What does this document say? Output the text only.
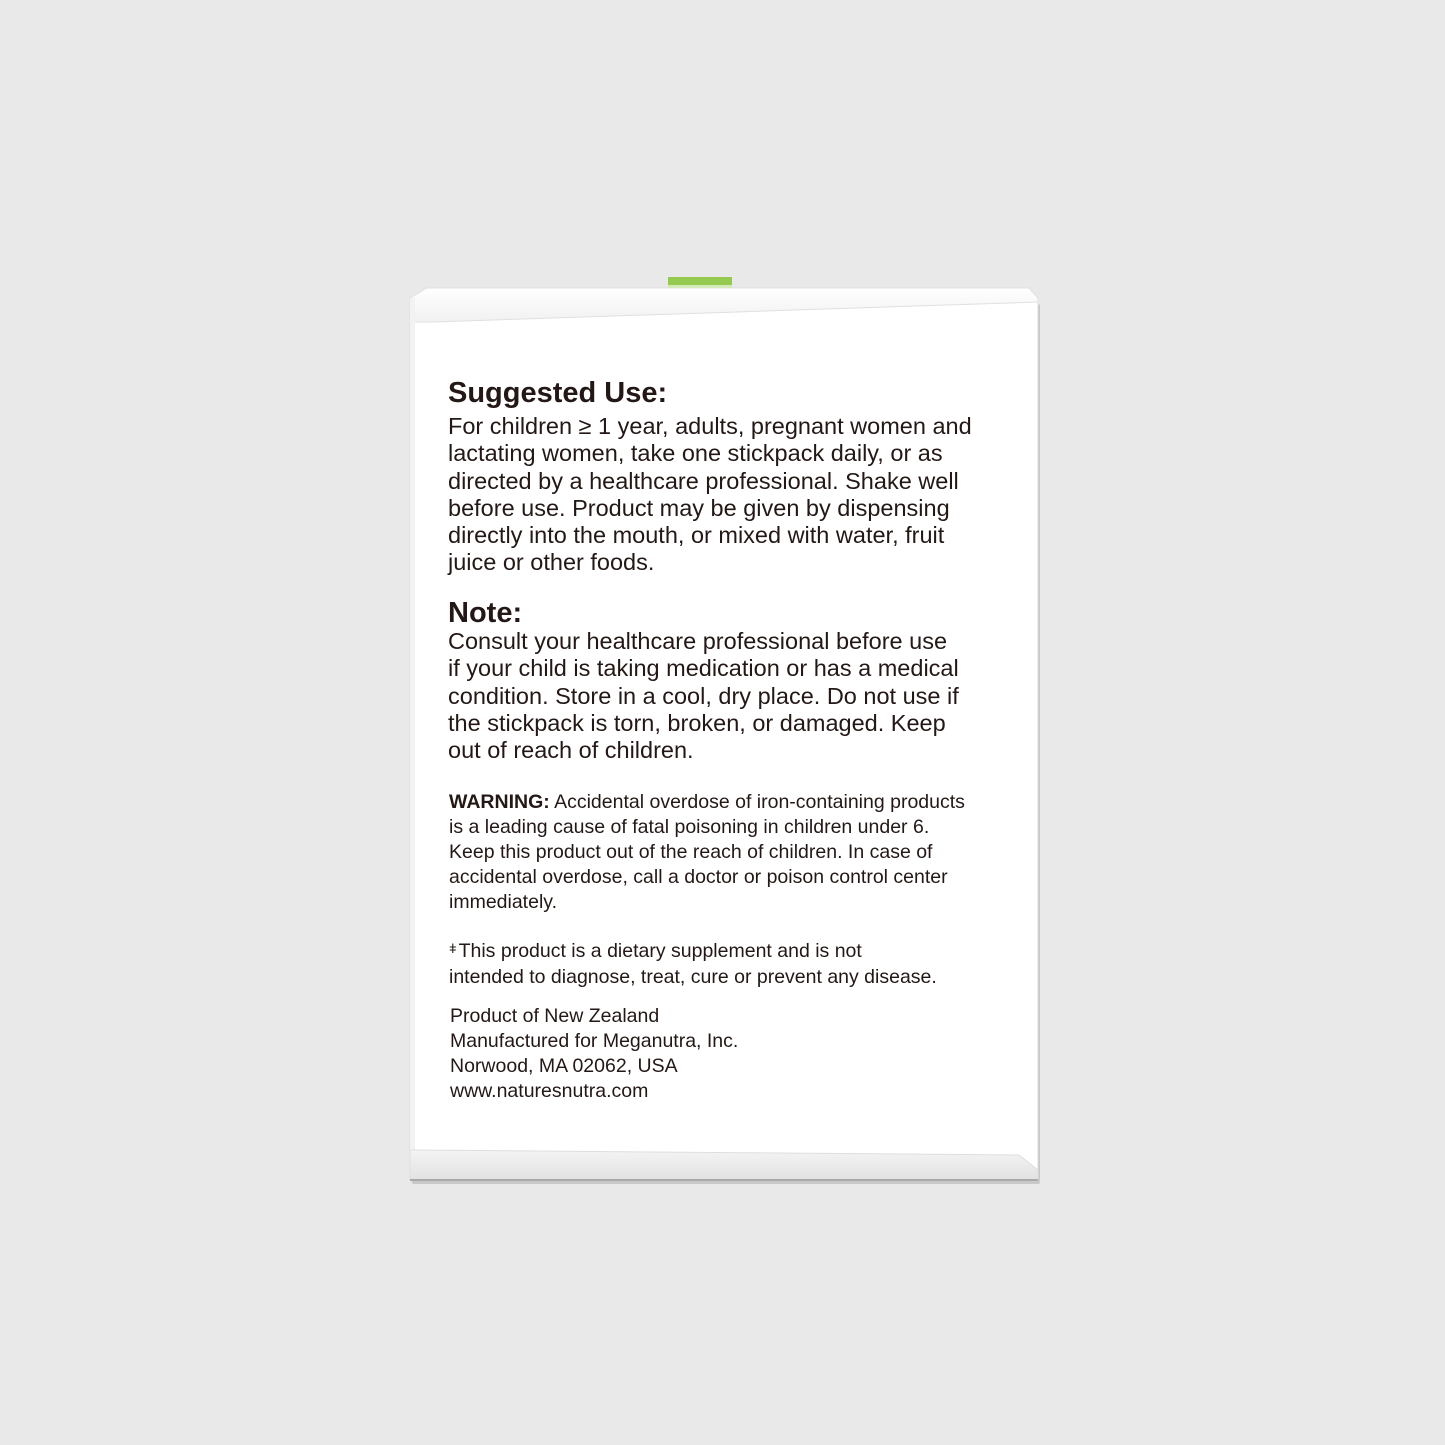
Suggested Use:

For children ≥ 1 year, adults, pregnant women and
lactating women, take one stickpack daily, or as
directed by a healthcare professional. Shake well
before use. Product may be given by dispensing
directly into the mouth, or mixed with water, fruit
juice or other foods.

Note:

Consult your healthcare professional before use
if your child is taking medication or has a medical
condition. Store in a cool, dry place. Do not use if
the stickpack is torn, broken, or damaged. Keep
out of reach of children.

WARNING: Accidental overdose of iron-containing products
is a leading cause of fatal poisoning in children under 6.
Keep this product out of the reach of children. In case of
accidental overdose, call a doctor or poison control center
immediately.

$^ǂ$ This product is a dietary supplement and is not
intended to diagnose, treat, cure or prevent any disease.

Product of New Zealand
Manufactured for Meganutra, Inc.
Norwood, MA 02062, USA
www.naturesnutra.com
